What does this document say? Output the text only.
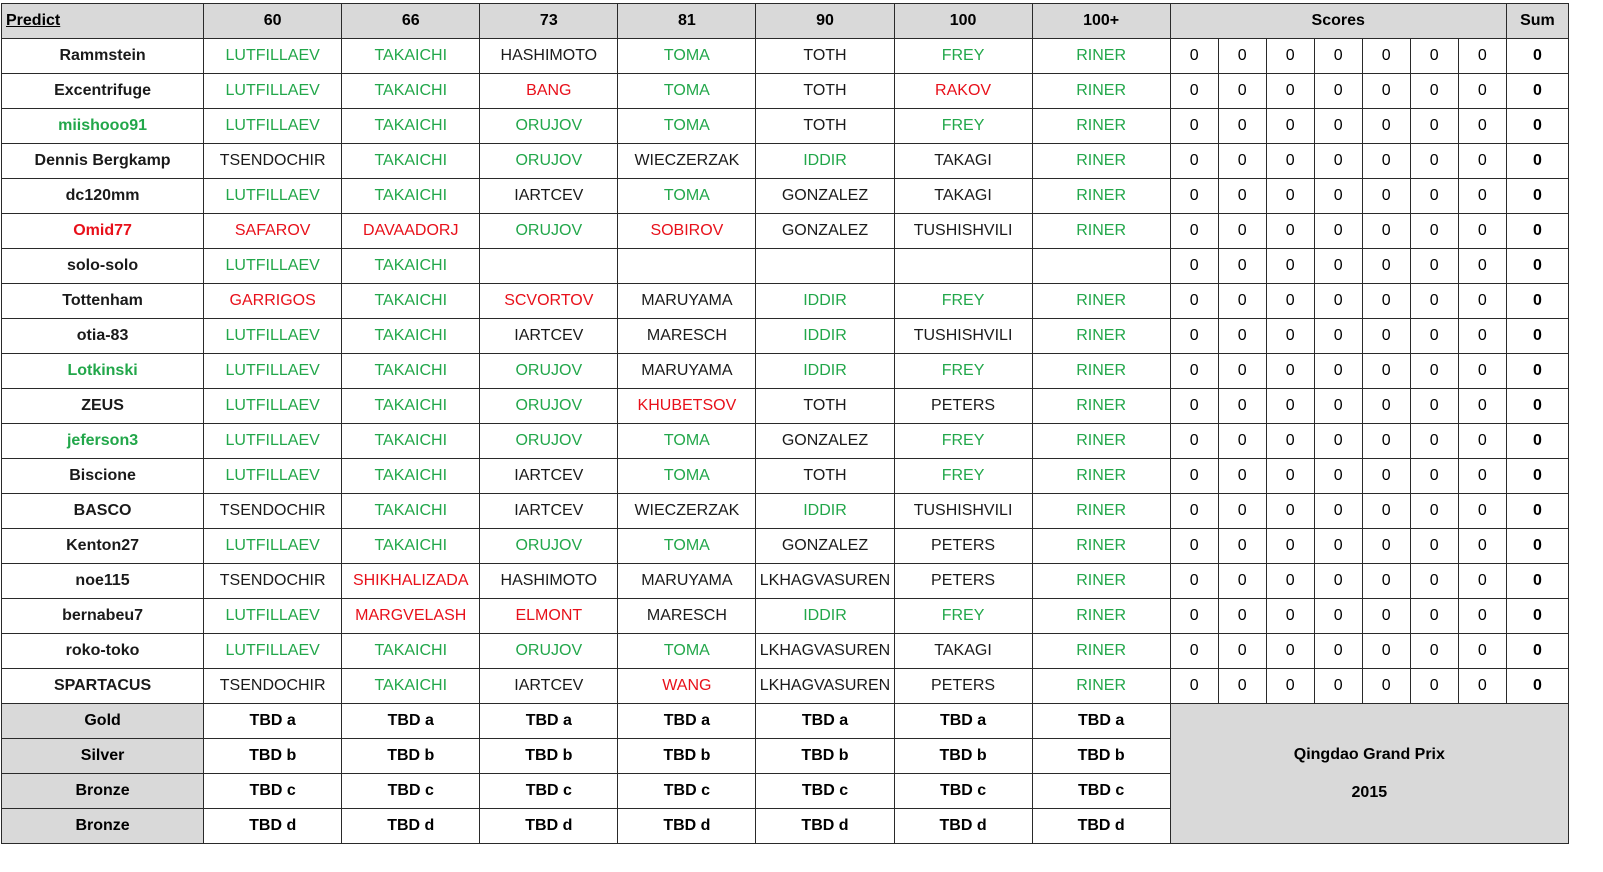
Predict	60	66	73	81	90	100	100+	Scores							Sum
Rammstein	LUTFILLAEV	TAKAICHI	HASHIMOTO	TOMA	TOTH	FREY	RINER	0	0	0	0	0	0	0	0
Excentrifuge	LUTFILLAEV	TAKAICHI	BANG	TOMA	TOTH	RAKOV	RINER	0	0	0	0	0	0	0	0
miishooo91	LUTFILLAEV	TAKAICHI	ORUJOV	TOMA	TOTH	FREY	RINER	0	0	0	0	0	0	0	0
Dennis Bergkamp	TSENDOCHIR	TAKAICHI	ORUJOV	WIECZERZAK	IDDIR	TAKAGI	RINER	0	0	0	0	0	0	0	0
dc120mm	LUTFILLAEV	TAKAICHI	IARTCEV	TOMA	GONZALEZ	TAKAGI	RINER	0	0	0	0	0	0	0	0
Omid77	SAFAROV	DAVAADORJ	ORUJOV	SOBIROV	GONZALEZ	TUSHISHVILI	RINER	0	0	0	0	0	0	0	0
solo-solo	LUTFILLAEV	TAKAICHI						0	0	0	0	0	0	0	0
Tottenham	GARRIGOS	TAKAICHI	SCVORTOV	MARUYAMA	IDDIR	FREY	RINER	0	0	0	0	0	0	0	0
otia-83	LUTFILLAEV	TAKAICHI	IARTCEV	MARESCH	IDDIR	TUSHISHVILI	RINER	0	0	0	0	0	0	0	0
Lotkinski	LUTFILLAEV	TAKAICHI	ORUJOV	MARUYAMA	IDDIR	FREY	RINER	0	0	0	0	0	0	0	0
ZEUS	LUTFILLAEV	TAKAICHI	ORUJOV	KHUBETSOV	TOTH	PETERS	RINER	0	0	0	0	0	0	0	0
jeferson3	LUTFILLAEV	TAKAICHI	ORUJOV	TOMA	GONZALEZ	FREY	RINER	0	0	0	0	0	0	0	0
Biscione	LUTFILLAEV	TAKAICHI	IARTCEV	TOMA	TOTH	FREY	RINER	0	0	0	0	0	0	0	0
BASCO	TSENDOCHIR	TAKAICHI	IARTCEV	WIECZERZAK	IDDIR	TUSHISHVILI	RINER	0	0	0	0	0	0	0	0
Kenton27	LUTFILLAEV	TAKAICHI	ORUJOV	TOMA	GONZALEZ	PETERS	RINER	0	0	0	0	0	0	0	0
noe115	TSENDOCHIR	SHIKHALIZADA	HASHIMOTO	MARUYAMA	LKHAGVASUREN	PETERS	RINER	0	0	0	0	0	0	0	0
bernabeu7	LUTFILLAEV	MARGVELASH	ELMONT	MARESCH	IDDIR	FREY	RINER	0	0	0	0	0	0	0	0
roko-toko	LUTFILLAEV	TAKAICHI	ORUJOV	TOMA	LKHAGVASUREN	TAKAGI	RINER	0	0	0	0	0	0	0	0
SPARTACUS	TSENDOCHIR	TAKAICHI	IARTCEV	WANG	LKHAGVASUREN	PETERS	RINER	0	0	0	0	0	0	0	0
Gold	TBD a	TBD a	TBD a	TBD a	TBD a	TBD a	TBD a	Qingdao Grand Prix
2015							

Silver	TBD b	TBD b	TBD b	TBD b	TBD b	TBD b	TBD b								
Bronze	TBD c	TBD c	TBD c	TBD c	TBD c	TBD c	TBD c								
Bronze	TBD d	TBD d	TBD d	TBD d	TBD d	TBD d	TBD d								
